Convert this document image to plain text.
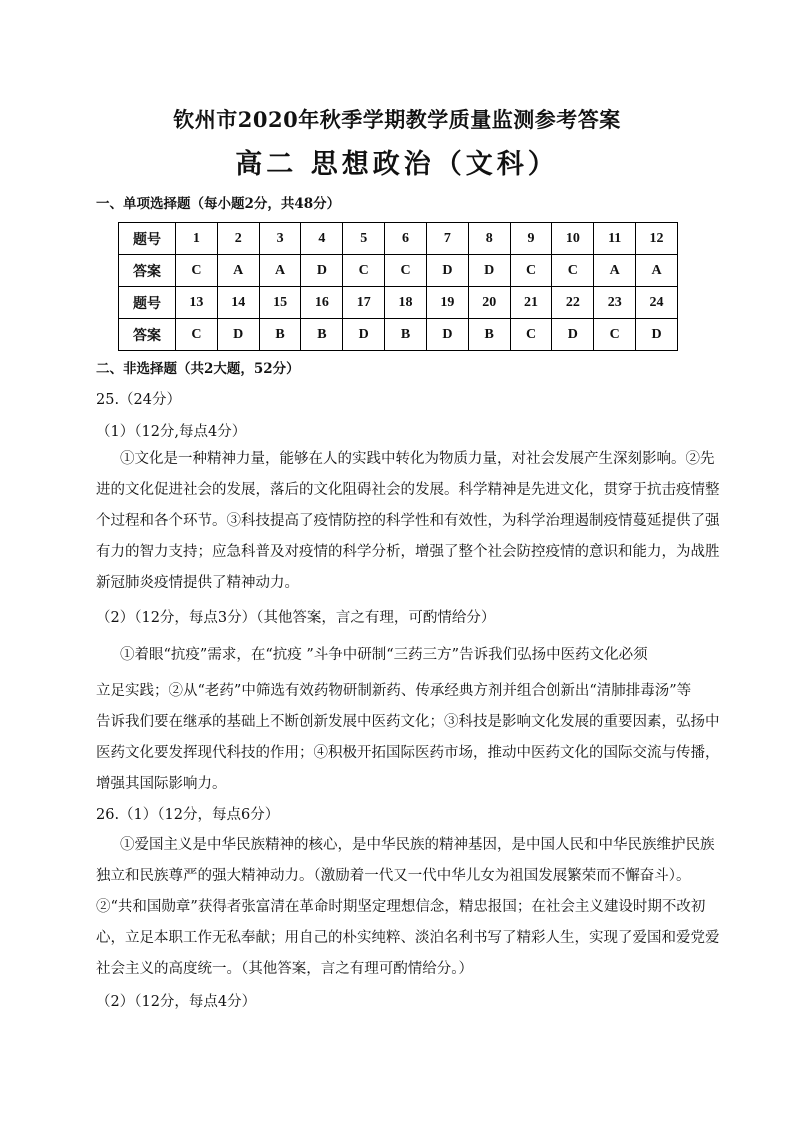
钦州市2020年秋季学期教学质量监测参考答案
高二 思想政治（文科）
一、单项选择题（每小题2分，共48分）
题号	1	2	3	4	5	6	7	8	9	10	11	12
答案	C	A	A	D	C	C	D	D	C	C	A	A
题号	13	14	15	16	17	18	19	20	21	22	23	24
答案	C	D	B	B	D	B	D	B	C	D	C	D
二、非选择题（共2大题，52分）
25.（24分）
（1）（12分,每点4分）
①文化是一种精神力量，能够在人的实践中转化为物质力量，对社会发展产生深刻影响。②先
进的文化促进社会的发展，落后的文化阻碍社会的发展。科学精神是先进文化，贯穿于抗击疫情整
个过程和各个环节。③科技提高了疫情防控的科学性和有效性，为科学治理遏制疫情蔓延提供了强
有力的智力支持；应急科普及对疫情的科学分析，增强了整个社会防控疫情的意识和能力，为战胜
新冠肺炎疫情提供了精神动力。
（2）（12分，每点3分）（其他答案，言之有理，可酌情给分）
①着眼“抗疫”需求，在“抗疫 ”斗争中研制“三药三方”告诉我们弘扬中医药文化必须
立足实践；②从“老药”中筛选有效药物研制新药、传承经典方剂并组合创新出“清肺排毒汤”等
告诉我们要在继承的基础上不断创新发展中医药文化；③科技是影响文化发展的重要因素，弘扬中
医药文化要发挥现代科技的作用；④积极开拓国际医药市场，推动中医药文化的国际交流与传播，
增强其国际影响力。
26.（1）（12分，每点6分）
①爱国主义是中华民族精神的核心，是中华民族的精神基因，是中国人民和中华民族维护民族
独立和民族尊严的强大精神动力。（激励着一代又一代中华儿女为祖国发展繁荣而不懈奋斗）。
②“共和国勋章”获得者张富清在革命时期坚定理想信念，精忠报国；在社会主义建设时期不改初
心，立足本职工作无私奉献；用自己的朴实纯粹、淡泊名利书写了精彩人生，实现了爱国和爱党爱
社会主义的高度统一。（其他答案，言之有理可酌情给分。）
（2）（12分，每点4分）
